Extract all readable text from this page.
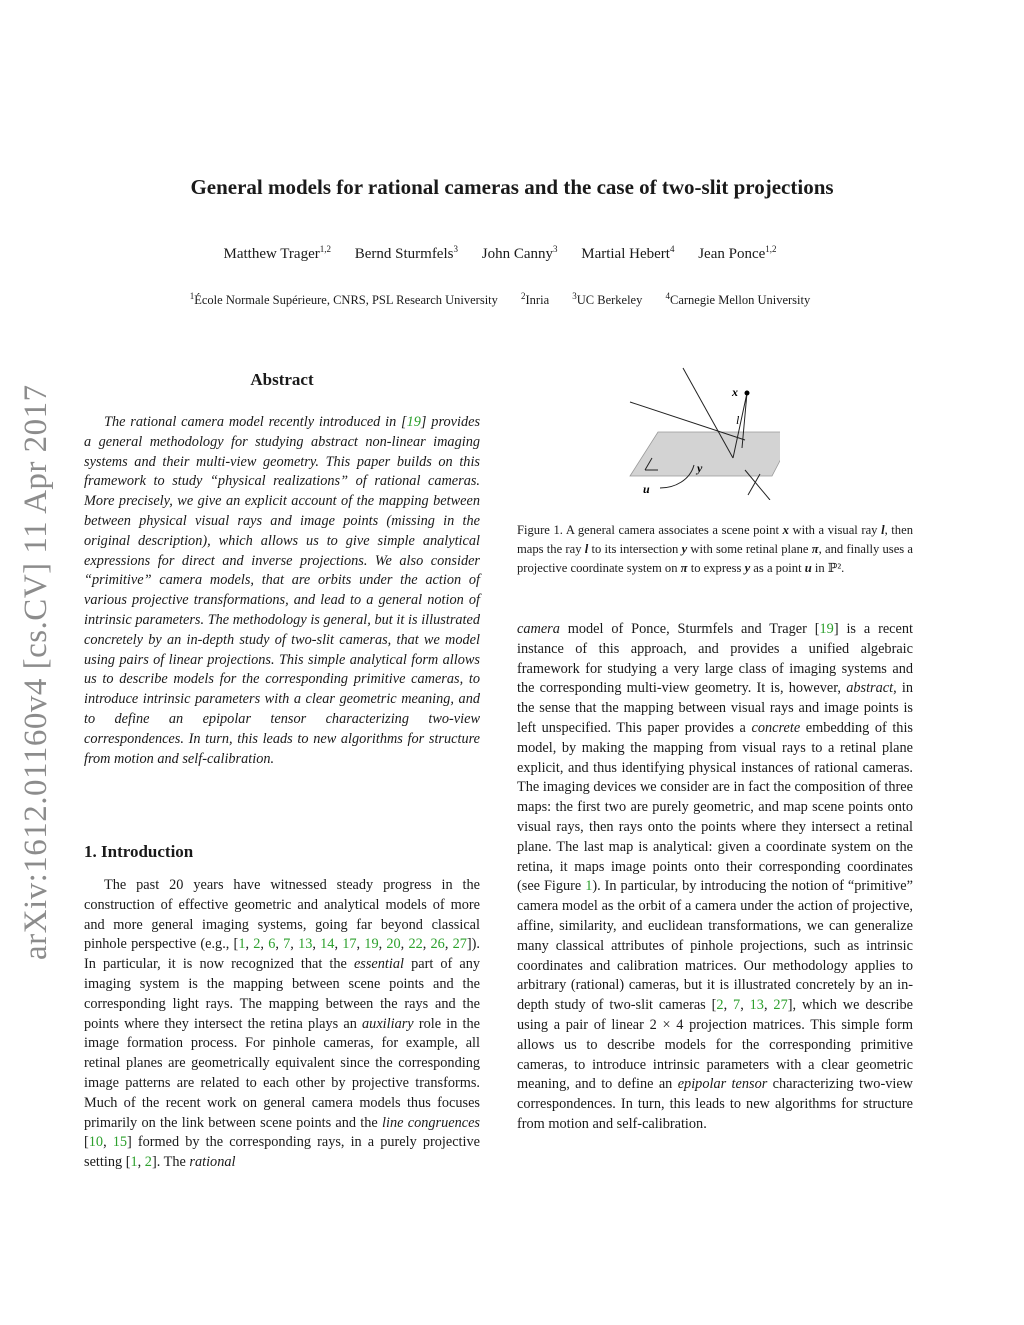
arXiv:1612.01160v4 [cs.CV] 11 Apr 2017
General models for rational cameras and the case of two-slit projections
Matthew Trager$^{1,2}$ Bernd Sturmfels$^3$ John Canny$^3$ Martial Hebert$^4$ Jean Ponce$^{1,2}$
$^1$École Normale Supérieure, CNRS, PSL Research University	$^2$Inria	$^3$UC Berkeley	$^4$Carnegie Mellon University
Abstract
The rational camera model recently introduced in [19] provides a general methodology for studying abstract non-linear imaging systems and their multi-view geometry. This paper builds on this framework to study “physical realizations” of rational cameras. More precisely, we give an explicit account of the mapping between between physical visual rays and image points (missing in the original description), which allows us to give simple analytical expressions for direct and inverse projections. We also consider “primitive” camera models, that are orbits under the action of various projective transformations, and lead to a general notion of intrinsic parameters. The methodology is general, but it is illustrated concretely by an in-depth study of two-slit cameras, that we model using pairs of linear projections. This simple analytical form allows us to describe models for the corresponding primitive cameras, to introduce intrinsic parameters with a clear geometric meaning, and to define an epipolar tensor characterizing two-view correspondences. In turn, this leads to new algorithms for structure from motion and self-calibration.
1. Introduction
The past 20 years have witnessed steady progress in the construction of effective geometric and analytical models of more and more general imaging systems, going far beyond classical pinhole perspective (e.g., [1, 2, 6, 7, 13, 14, 17, 19, 20, 22, 26, 27]). In particular, it is now recognized that the essential part of any imaging system is the mapping between scene points and the corresponding light rays. The mapping between the rays and the points where they intersect the retina plays an auxiliary role in the image formation process. For pinhole cameras, for example, all retinal planes are geometrically equivalent since the corresponding image patterns are related to each other by projective transforms. Much of the recent work on general camera models thus focuses primarily on the link between scene points and the line congruences [10, 15] formed by the corresponding rays, in a purely projective setting [1, 2]. The rational
x
l
y
u
Figure 1. A general camera associates a scene point x with a visual ray l, then maps the ray l to its intersection y with some retinal plane π, and finally uses a projective coordinate system on π to express y as a point u in ℙ².
camera model of Ponce, Sturmfels and Trager [19] is a recent instance of this approach, and provides a unified algebraic framework for studying a very large class of imaging systems and the corresponding multi-view geometry. It is, however, abstract, in the sense that the mapping between visual rays and image points is left unspecified. This paper provides a concrete embedding of this model, by making the mapping from visual rays to a retinal plane explicit, and thus identifying physical instances of rational cameras. The imaging devices we consider are in fact the composition of three maps: the first two are purely geometric, and map scene points onto visual rays, then rays onto the points where they intersect a retinal plane. The last map is analytical: given a coordinate system on the retina, it maps image points onto their corresponding coordinates (see Figure 1). In particular, by introducing the notion of “primitive” camera model as the orbit of a camera under the action of projective, affine, similarity, and euclidean transformations, we can generalize many classical attributes of pinhole projections, such as intrinsic coordinates and calibration matrices. Our methodology applies to arbitrary (rational) cameras, but it is illustrated concretely by an in-depth study of two-slit cameras [2, 7, 13, 27], which we describe using a pair of linear 2 × 4 projection matrices. This simple form allows us to describe models for the corresponding primitive cameras, to introduce intrinsic parameters with a clear geometric meaning, and to define an epipolar tensor characterizing two-view correspondences. In turn, this leads to new algorithms for structure from motion and self-calibration.
